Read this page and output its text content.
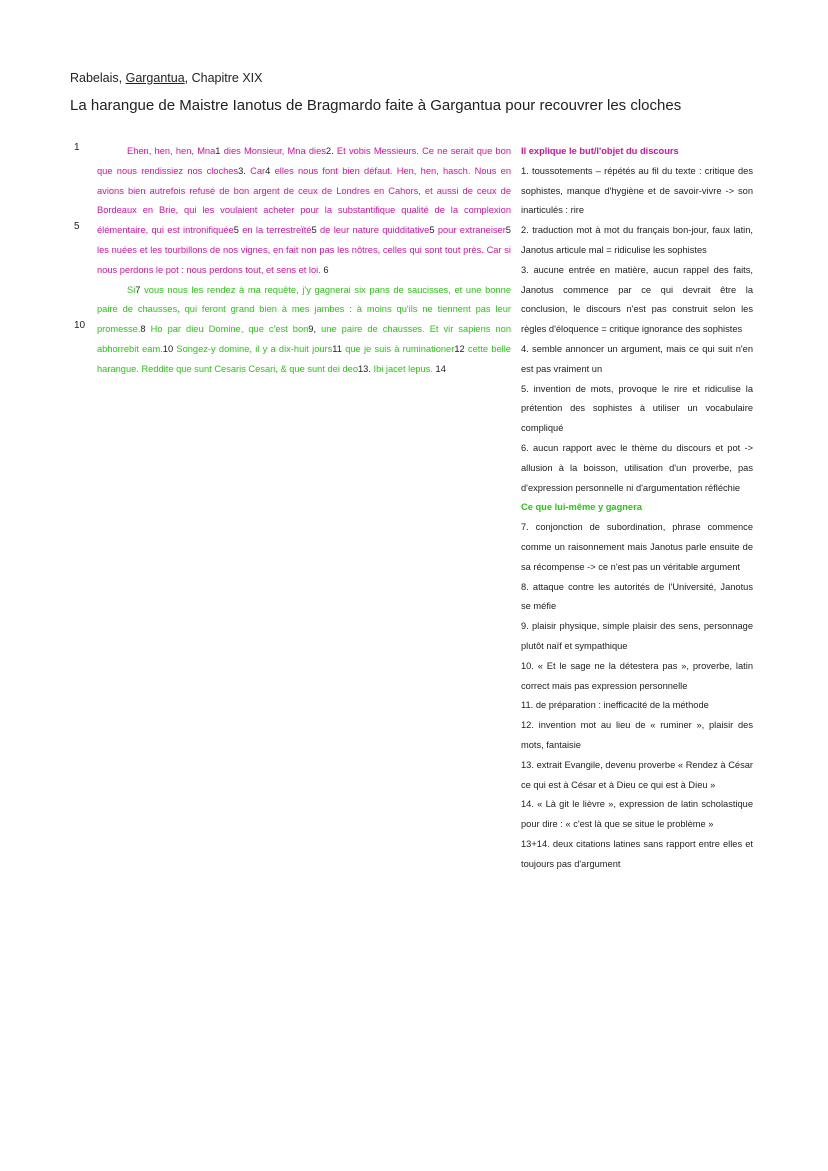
Rabelais, Gargantua, Chapitre XIX
La harangue de Maistre Ianotus de Bragmardo faite à Gargantua pour recouvrer les cloches
1
5
10

Ehen, hen, hen, Mna1 dies Monsieur, Mna dies2. Et vobis Messieurs. Ce ne serait que bon que nous rendissiez nos cloches3. Car4 elles nous font bien défaut. Hen, hen, hasch. Nous en avions bien autrefois refusé de bon argent de ceux de Londres en Cahors, et aussi de ceux de Bordeaux en Brie, qui les voulaient acheter pour la substantifique qualité de la complexion élémentaire, qui est intronifiquée5 en la terrestreïté5 de leur nature quidditative5 pour extraneiser5 les nuées et les tourbillons de nos vignes, en fait non pas les nôtres, celles qui sont tout près. Car si nous perdons le pot : nous perdons tout, et sens et loi. 6

Si7 vous nous les rendez à ma requête, j'y gagnerai six pans de saucisses, et une bonne paire de chausses, qui feront grand bien à mes jambes : à moins qu'ils ne tiennent pas leur promesse.8 Ho par dieu Domine, que c'est bon9, une paire de chausses. Et vir sapiens non abhorrebit eam.10 Songez-y domine, il y a dix-huit jours11 que je suis à ruminationer12 cette belle harangue. Reddite que sunt Cesaris Cesari, & que sunt dei deo13. Ibi jacet lepus. 14

Il explique le but/l'objet du discours
1. toussotements – répétés au fil du texte : critique des sophistes, manque d'hygiène et de savoir-vivre -> son inarticulés : rire
2. traduction mot à mot du français bon-jour, faux latin, Janotus articule mal = ridiculise les sophistes
3. aucune entrée en matière, aucun rappel des faits, Janotus commence par ce qui devrait être la conclusion, le discours n'est pas construit selon les règles d'éloquence = critique ignorance des sophistes
4. semble annoncer un argument, mais ce qui suit n'en est pas vraiment un
5. invention de mots, provoque le rire et ridiculise la prétention des sophistes à utiliser un vocabulaire compliqué
6. aucun rapport avec le thème du discours et pot -> allusion à la boisson, utilisation d'un proverbe, pas d'expression personnelle ni d'argumentation réfléchie
Ce que lui-même y gagnera
7. conjonction de subordination, phrase commence comme un raisonnement mais Janotus parle ensuite de sa récompense -> ce n'est pas un véritable argument
8. attaque contre les autorités de l'Université, Janotus se méfie
9. plaisir physique, simple plaisir des sens, personnage plutôt naïf et sympathique
10. « Et le sage ne la détestera pas », proverbe, latin correct mais pas expression personnelle
11. de préparation : inefficacité de la méthode
12. invention mot au lieu de « ruminer », plaisir des mots, fantaisie
13. extrait Evangile, devenu proverbe « Rendez à César ce qui est à César et à Dieu ce qui est à Dieu »
14. « Là git le lièvre », expression de latin scholastique pour dire : « c'est là que se situe le problème »
13+14. deux citations latines sans rapport entre elles et toujours pas d'argument
